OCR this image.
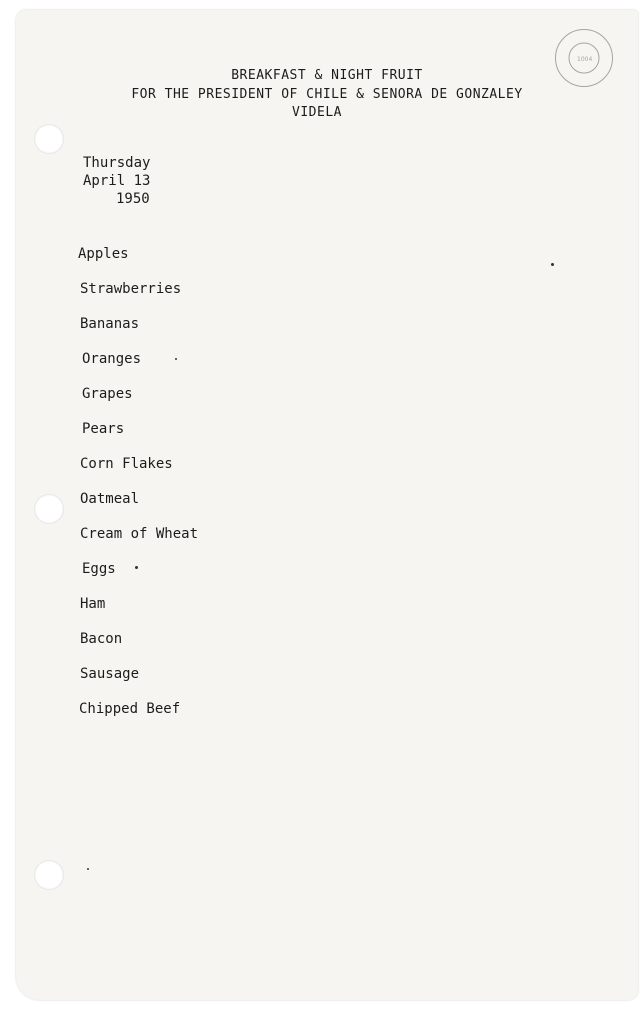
1004
BREAKFAST & NIGHT FRUIT
FOR THE PRESIDENT OF CHILE & SENORA DE GONZALEY
VIDELA
Thursday
April 13
1950
Apples
Strawberries
Bananas
Oranges
Grapes
Pears
Corn Flakes
Oatmeal
Cream of Wheat
Eggs
Ham
Bacon
Sausage
Chipped Beef
